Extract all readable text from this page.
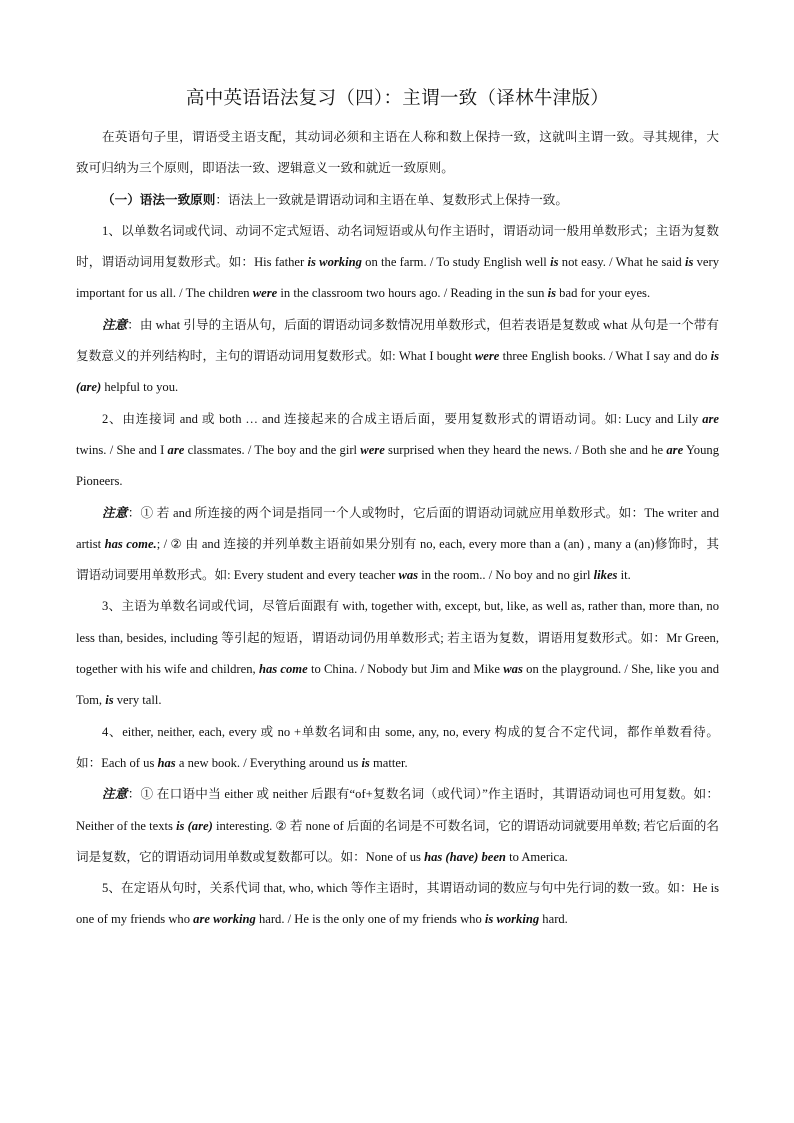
高中英语语法复习（四）：主谓一致（译林牛津版）

在英语句子里，谓语受主语支配，其动词必须和主语在人称和数上保持一致，这就叫主谓一致。寻其规律，大致可归纳为三个原则，即语法一致、逻辑意义一致和就近一致原则。

（一）语法一致原则：语法上一致就是谓语动词和主语在单、复数形式上保持一致。

1、以单数名词或代词、动词不定式短语、动名词短语或从句作主语时，谓语动词一般用单数形式；主语为复数时，谓语动词用复数形式。如：His father is working on the farm. / To study English well is not easy. / What he said is very important for us all. / The children were in the classroom two hours ago. / Reading in the sun is bad for your eyes.

注意：由 what 引导的主语从句，后面的谓语动词多数情况用单数形式，但若表语是复数或 what 从句是一个带有复数意义的并列结构时，主句的谓语动词用复数形式。如: What I bought were three English books. / What I say and do is (are) helpful to you.

2、由连接词 and 或 both … and 连接起来的合成主语后面，要用复数形式的谓语动词。如: Lucy and Lily are twins. / She and I are classmates. / The boy and the girl were surprised when they heard the news. / Both she and he are Young Pioneers.

注意：① 若 and 所连接的两个词是指同一个人或物时，它后面的谓语动词就应用单数形式。如：The writer and artist has come.; / ② 由 and 连接的并列单数主语前如果分别有 no, each, every more than a (an) , many a (an)修饰时，其谓语动词要用单数形式。如: Every student and every teacher was in the room.. / No boy and no girl likes it.

3、主语为单数名词或代词，尽管后面跟有 with, together with, except, but, like, as well as, rather than, more than, no less than, besides, including 等引起的短语，谓语动词仍用单数形式; 若主语为复数，谓语用复数形式。如：Mr Green, together with his wife and children, has come to China. / Nobody but Jim and Mike was on the playground. / She, like you and Tom, is very tall.

4、either, neither, each, every 或 no +单数名词和由 some, any, no, every 构成的复合不定代词，都作单数看待。如：Each of us has a new book. / Everything around us is matter.

注意：① 在口语中当 either 或 neither 后跟有“of+复数名词（或代词）”作主语时，其谓语动词也可用复数。如：Neither of the texts is (are) interesting. ② 若 none of 后面的名词是不可数名词，它的谓语动词就要用单数; 若它后面的名词是复数，它的谓语动词用单数或复数都可以。如：None of us has (have) been to America.

5、在定语从句时，关系代词 that, who, which 等作主语时，其谓语动词的数应与句中先行词的数一致。如：He is one of my friends who are working hard. / He is the only one of my friends who is working hard.
